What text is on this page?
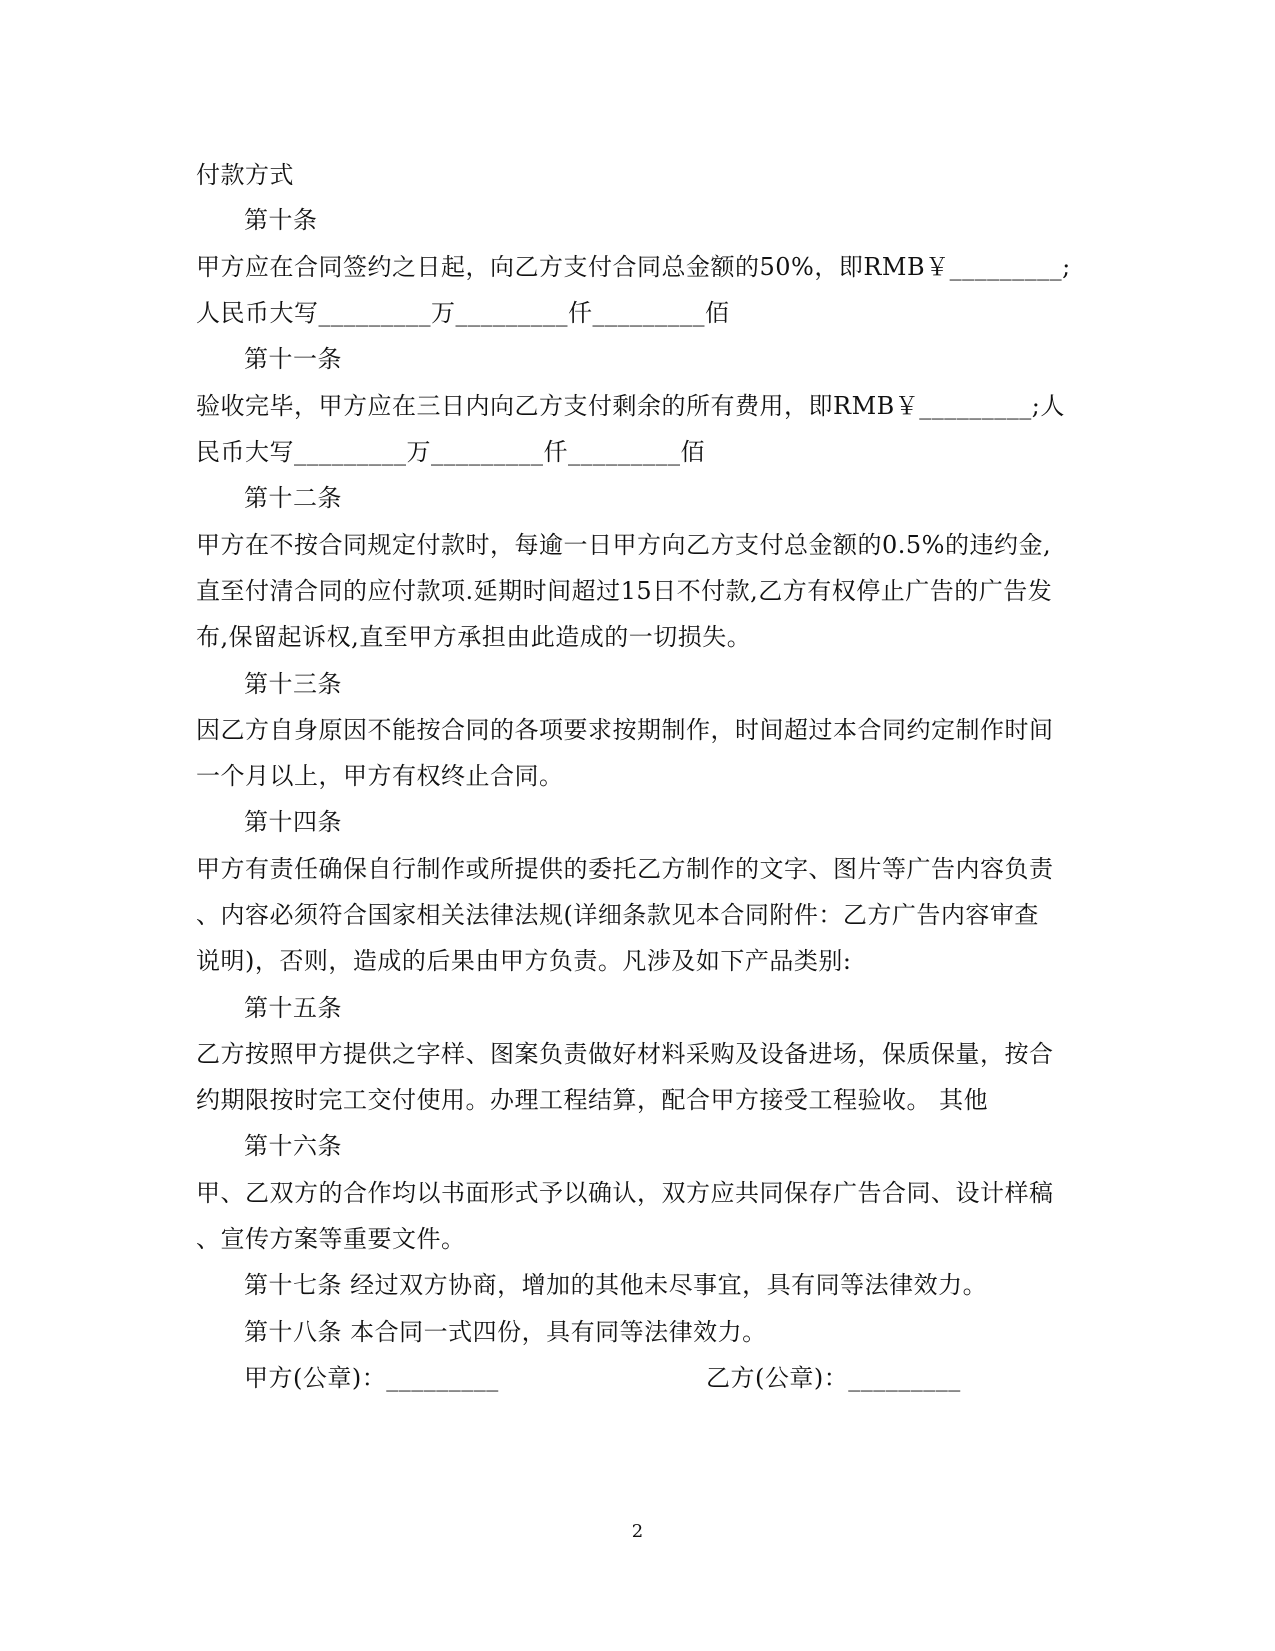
付款方式
第十条
甲方应在合同签约之日起，向乙方支付合同总金额的50%，即RMB￥_________;
人民币大写_________万_________仟_________佰
第十一条
验收完毕，甲方应在三日内向乙方支付剩余的所有费用，即RMB￥_________;人
民币大写_________万_________仟_________佰
第十二条
甲方在不按合同规定付款时，每逾一日甲方向乙方支付总金额的0.5%的违约金,
直至付清合同的应付款项.延期时间超过15日不付款,乙方有权停止广告的广告发
布,保留起诉权,直至甲方承担由此造成的一切损失。
第十三条
因乙方自身原因不能按合同的各项要求按期制作，时间超过本合同约定制作时间
一个月以上，甲方有权终止合同。
第十四条
甲方有责任确保自行制作或所提供的委托乙方制作的文字、图片等广告内容负责
、内容必须符合国家相关法律法规(详细条款见本合同附件：乙方广告内容审查
说明)，否则，造成的后果由甲方负责。凡涉及如下产品类别:
第十五条
乙方按照甲方提供之字样、图案负责做好材料采购及设备进场，保质保量，按合
约期限按时完工交付使用。办理工程结算，配合甲方接受工程验收。 其他
第十六条
甲、乙双方的合作均以书面形式予以确认，双方应共同保存广告合同、设计样稿
、宣传方案等重要文件。
第十七条 经过双方协商，增加的其他未尽事宜，具有同等法律效力。
第十八条 本合同一式四份，具有同等法律效力。
甲方(公章)：_________	乙方(公章)：_________
2
